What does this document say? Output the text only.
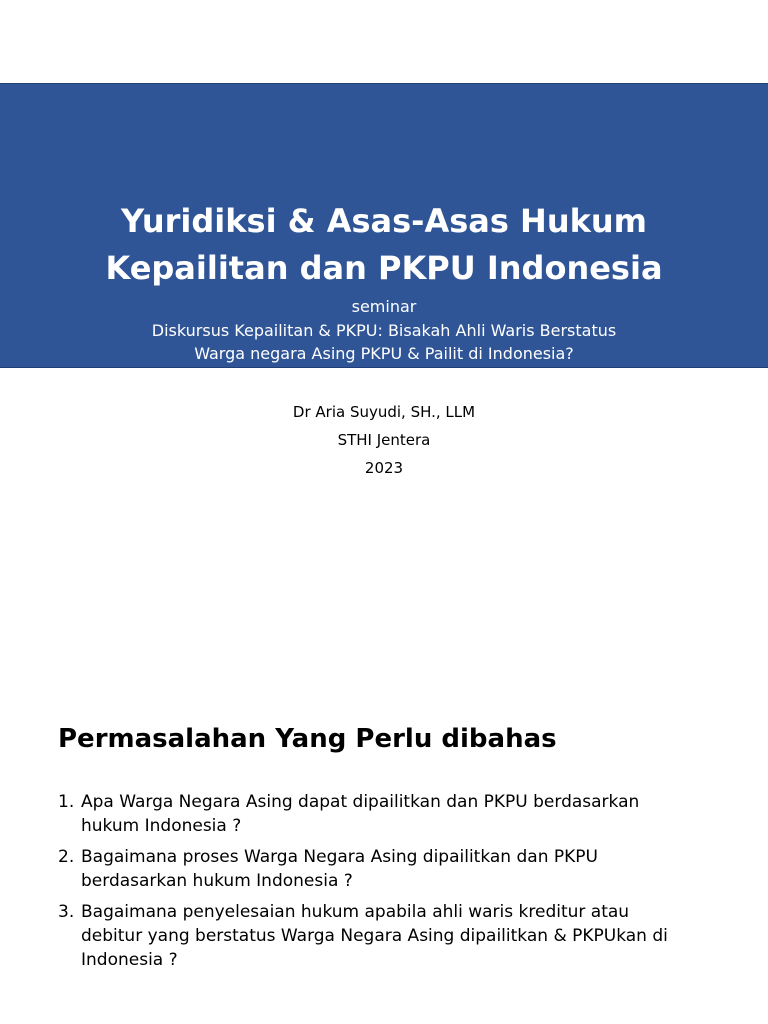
Yuridiksi & Asas-Asas Hukum
Kepailitan dan PKPU Indonesia
seminar
Diskursus Kepailitan & PKPU: Bisakah Ahli Waris Berstatus
Warga negara Asing PKPU & Pailit di Indonesia?
Dr Aria Suyudi, SH., LLM
STHI Jentera
2023
Permasalahan Yang Perlu dibahas
1. Apa Warga Negara Asing dapat dipailitkan dan PKPU berdasarkan
hukum Indonesia ?
2. Bagaimana proses Warga Negara Asing dipailitkan dan PKPU
berdasarkan hukum Indonesia ?
3. Bagaimana penyelesaian hukum apabila ahli waris kreditur atau
debitur yang berstatus Warga Negara Asing dipailitkan & PKPUkan di
Indonesia ?
